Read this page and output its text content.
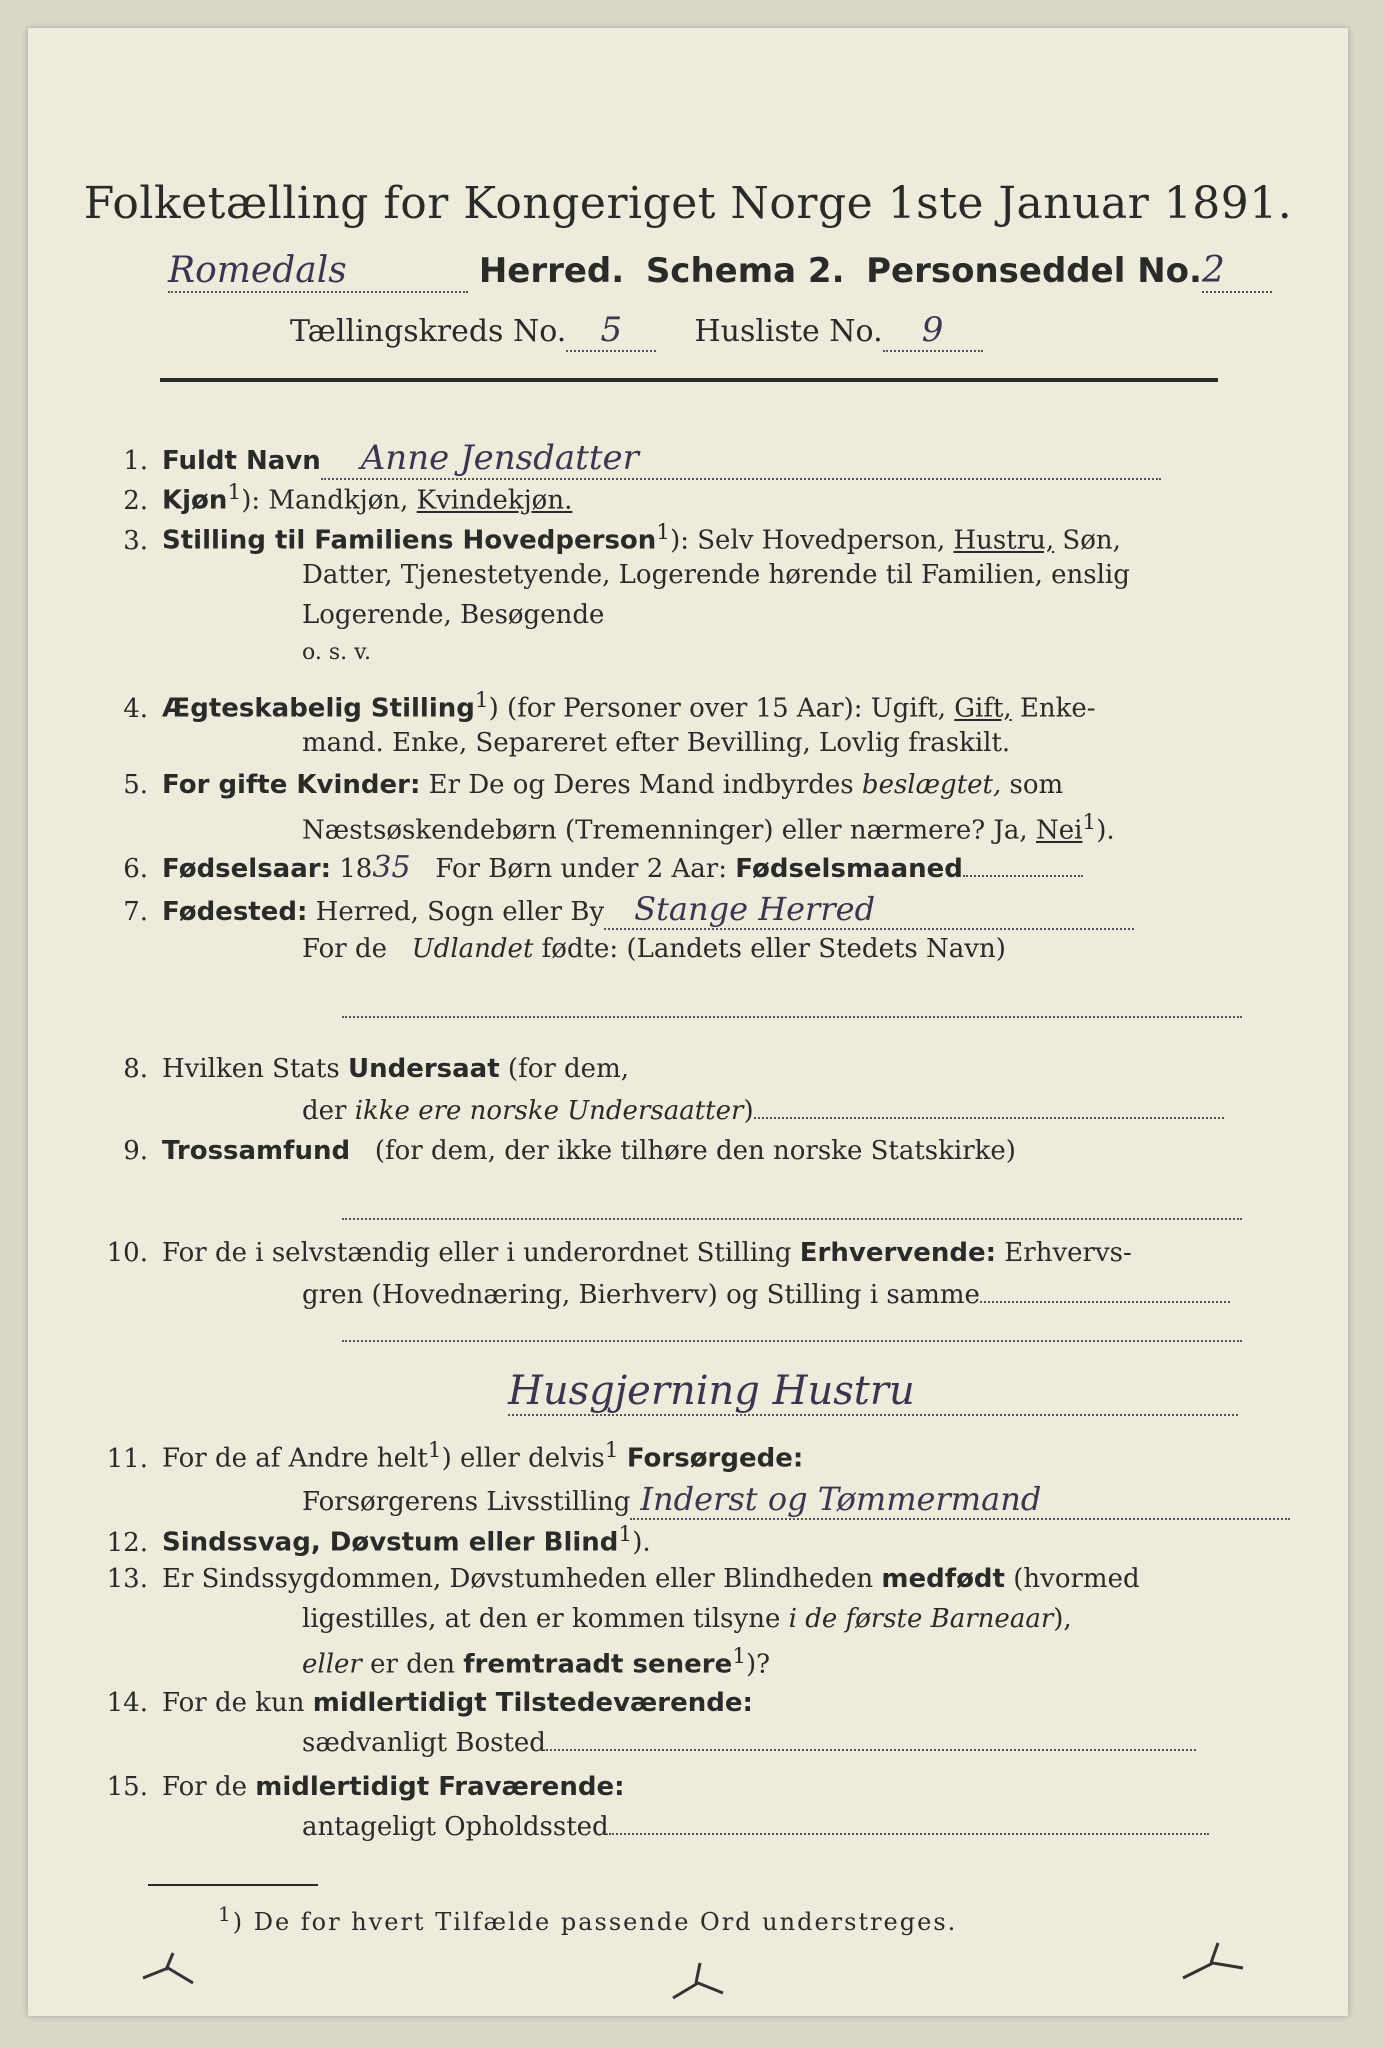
Folketælling for Kongeriget Norge 1ste Januar 1891.
Romedals	Herred. Schema 2. Personseddel No.2
Tællingskreds No. 5 Husliste No. 9
1. Fuldt Navn Anne Jensdatter
2. Kjøn$^1$): Mandkjøn, Kvindekjøn.
3. Stilling til Familiens Hovedperson$^1$): Selv Hovedperson, Hustru, Søn,
Datter, Tjenestetyende, Logerende hørende til Familien, enslig
Logerende, Besøgende
o. s. v.
4. Ægteskabelig Stilling$^1$) (for Personer over 15 Aar): Ugift, Gift, Enke-
mand. Enke, Separeret efter Bevilling, Lovlig fraskilt.
5. For gifte Kvinder: Er De og Deres Mand indbyrdes beslægtet, som
Næstsøskendebørn (Tremenninger) eller nærmere? Ja, Nei$^1$).
6. Fødselsaar: 1835 For Børn under 2 Aar: Fødselsmaaned
7. Fødested: Herred, Sogn eller By Stange Herred
For de Udlandet fødte: (Landets eller Stedets Navn)
8. Hvilken Stats Undersaat (for dem,
der ikke ere norske Undersaatter)
9. Trossamfund (for dem, der ikke tilhøre den norske Statskirke)
10. For de i selvstændig eller i underordnet Stilling Erhvervende: Erhvervs-
gren (Hovednæring, Bierhverv) og Stilling i samme
Husgjerning Hustru
11. For de af Andre helt$^1$) eller delvis$^1$ Forsørgede:
Forsørgerens Livsstilling Inderst og Tømmermand
12. Sindssvag, Døvstum eller Blind$^1$).
13. Er Sindssygdommen, Døvstumheden eller Blindheden medfødt (hvormed
ligestilles, at den er kommen tilsyne i de første Barneaar),
eller er den fremtraadt senere$^1$)?
14. For de kun midlertidigt Tilstedeværende:
sædvanligt Bosted
15. For de midlertidigt Fraværende:
antageligt Opholdssted
$^1$) De for hvert Tilfælde passende Ord understreges.
